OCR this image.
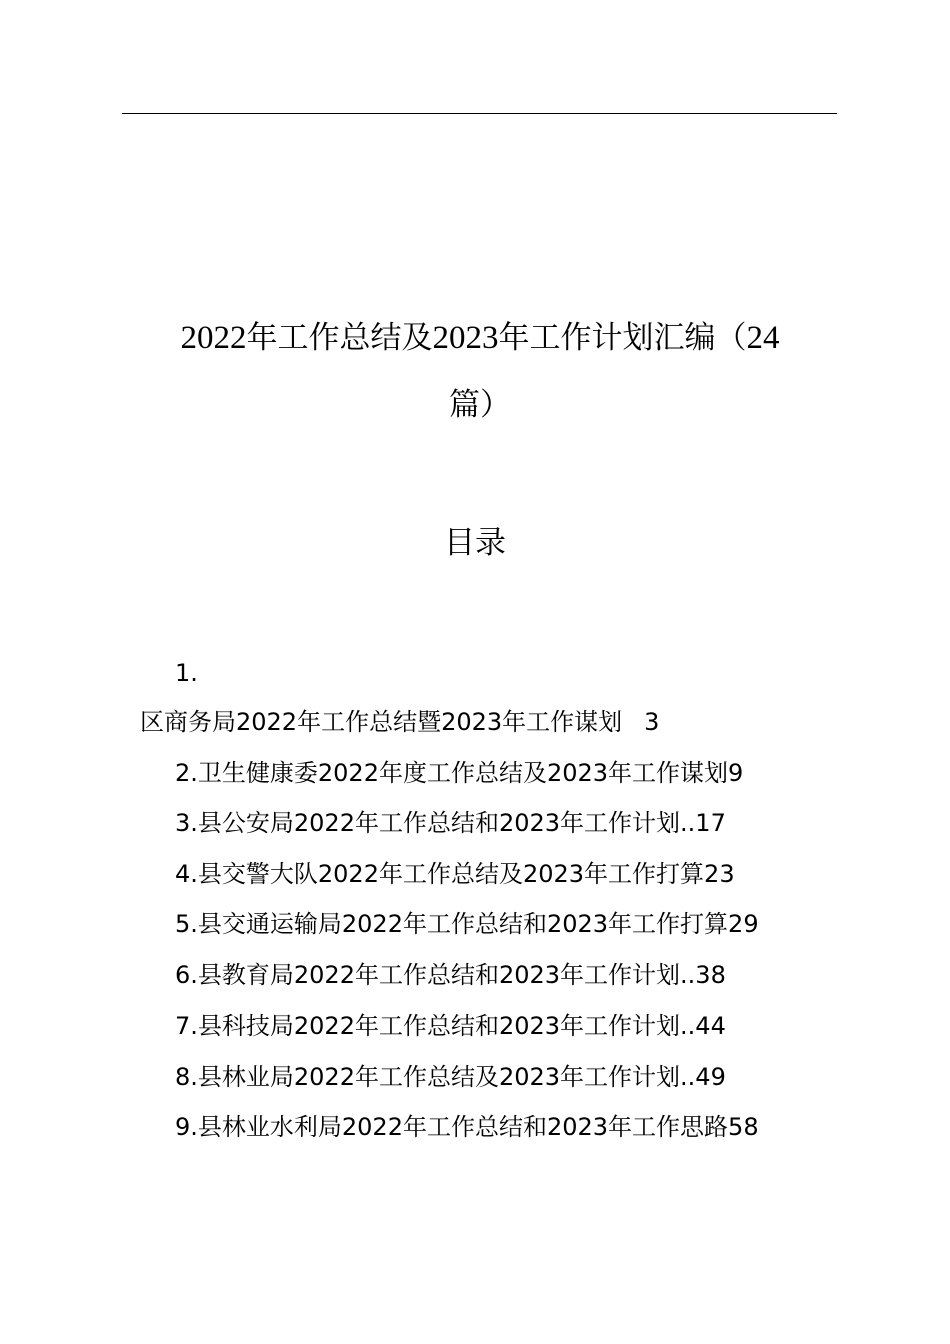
2022年工作总结及2023年工作计划汇编（24
篇）
目录
1.
区商务局2022年工作总结暨2023年工作谋划 3
2.卫生健康委2022年度工作总结及2023年工作谋划9
3.县公安局2022年工作总结和2023年工作计划..17
4.县交警大队2022年工作总结及2023年工作打算23
5.县交通运输局2022年工作总结和2023年工作打算29
6.县教育局2022年工作总结和2023年工作计划..38
7.县科技局2022年工作总结和2023年工作计划..44
8.县林业局2022年工作总结及2023年工作计划..49
9.县林业水利局2022年工作总结和2023年工作思路58
